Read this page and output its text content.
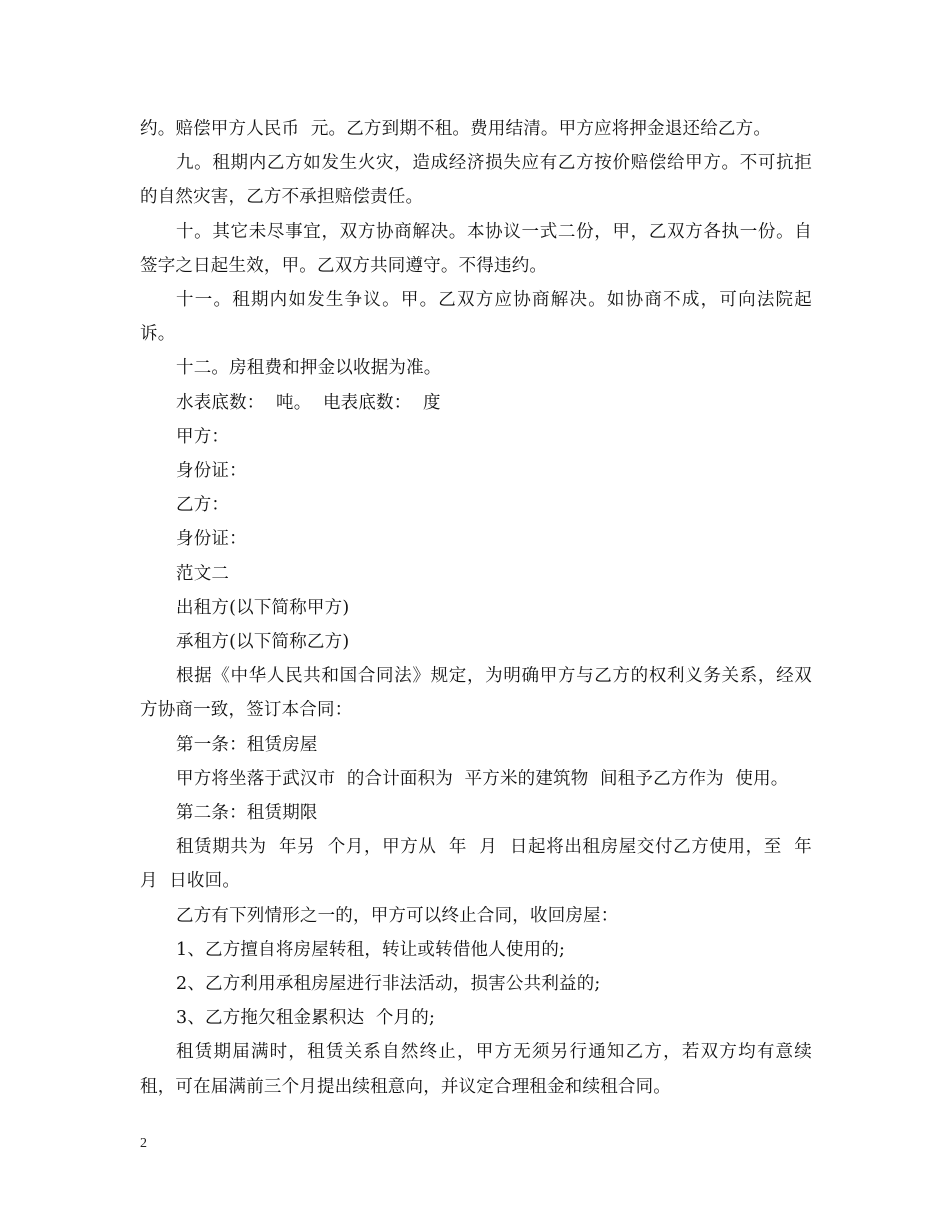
约。赔偿甲方人民币  元。乙方到期不租。费用结清。甲方应将押金退还给乙方。

九。租期内乙方如发生火灾，造成经济损失应有乙方按价赔偿给甲方。不可抗拒的自然灾害，乙方不承担赔偿责任。

十。其它未尽事宜，双方协商解决。本协议一式二份，甲，乙双方各执一份。自签字之日起生效，甲。乙双方共同遵守。不得违约。

十一。租期内如发生争议。甲。乙双方应协商解决。如协商不成，可向法院起诉。

十二。房租费和押金以收据为准。

水表底数：  吨。  电表底数：  度

甲方：

身份证：

乙方：

身份证：

范文二

出租方(以下简称甲方)

承租方(以下简称乙方)

根据《中华人民共和国合同法》规定，为明确甲方与乙方的权利义务关系，经双方协商一致，签订本合同：

第一条：租赁房屋

甲方将坐落于武汉市  的合计面积为  平方米的建筑物  间租予乙方作为  使用。

第二条：租赁期限

租赁期共为  年另  个月，甲方从  年  月  日起将出租房屋交付乙方使用，至  年  月  日收回。

乙方有下列情形之一的，甲方可以终止合同，收回房屋：

1、乙方擅自将房屋转租，转让或转借他人使用的;

2、乙方利用承租房屋进行非法活动，损害公共利益的;

3、乙方拖欠租金累积达  个月的;

租赁期届满时，租赁关系自然终止，甲方无须另行通知乙方，若双方均有意续租，可在届满前三个月提出续租意向，并议定合理租金和续租合同。

2
